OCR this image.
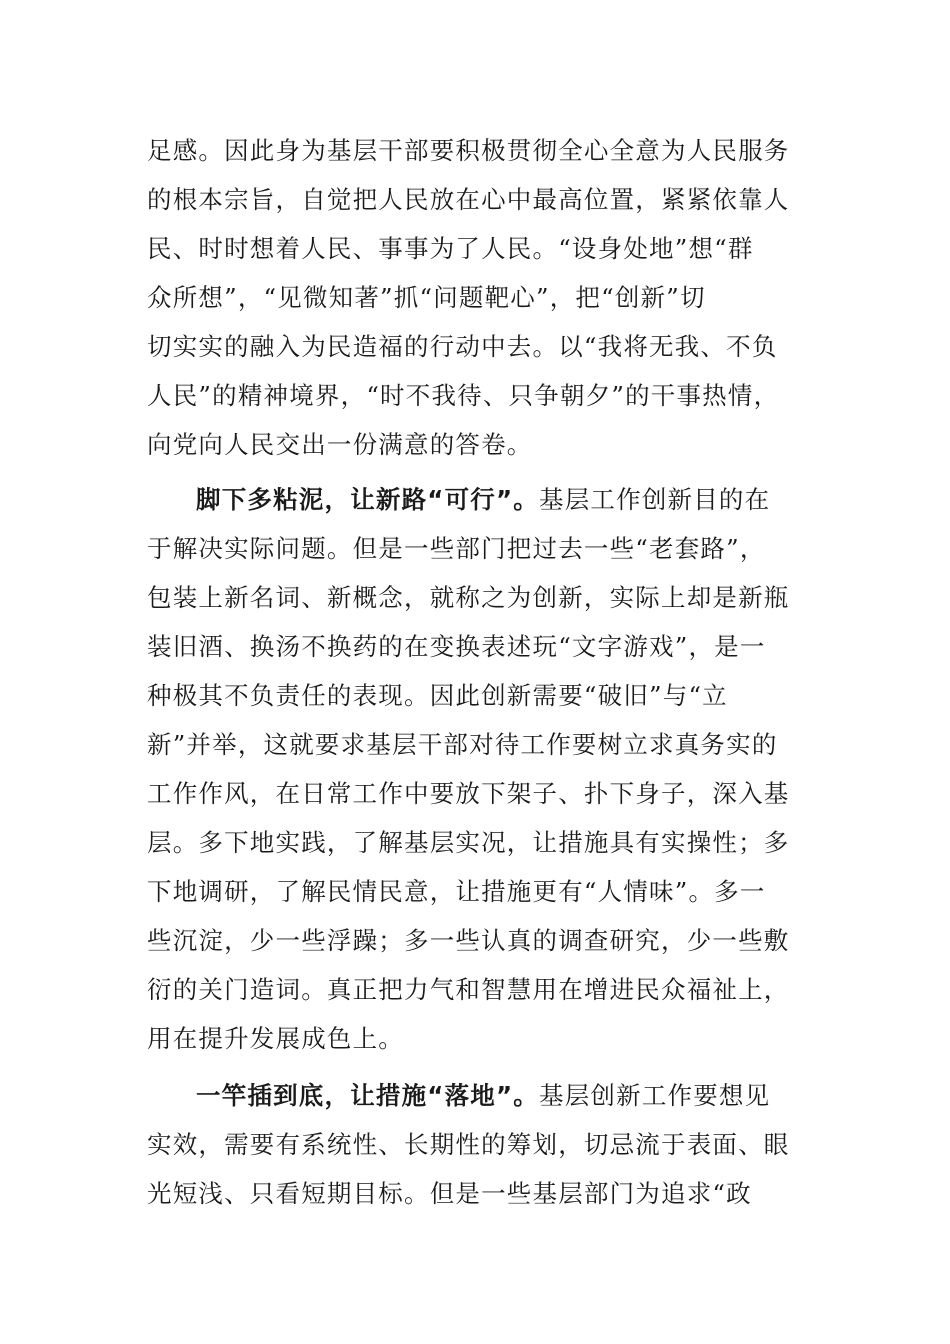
足感。因此身为基层干部要积极贯彻全心全意为人民服务
的根本宗旨，自觉把人民放在心中最高位置，紧紧依靠人
民、时时想着人民、事事为了人民。“设身处地”想“群
众所想”，“见微知著”抓“问题靶心”，把“创新”切
切实实的融入为民造福的行动中去。以“我将无我、不负
人民”的精神境界，“时不我待、只争朝夕”的干事热情，
向党向人民交出一份满意的答卷。
脚下多粘泥，让新路“可行”。基层工作创新目的在
于解决实际问题。但是一些部门把过去一些“老套路”，
包装上新名词、新概念，就称之为创新，实际上却是新瓶
装旧酒、换汤不换药的在变换表述玩“文字游戏”，是一
种极其不负责任的表现。因此创新需要“破旧”与“立
新”并举，这就要求基层干部对待工作要树立求真务实的
工作作风，在日常工作中要放下架子、扑下身子，深入基
层。多下地实践，了解基层实况，让措施具有实操性；多
下地调研，了解民情民意，让措施更有“人情味”。多一
些沉淀，少一些浮躁；多一些认真的调查研究，少一些敷
衍的关门造词。真正把力气和智慧用在增进民众福祉上，
用在提升发展成色上。
一竿插到底，让措施“落地”。基层创新工作要想见
实效，需要有系统性、长期性的筹划，切忌流于表面、眼
光短浅、只看短期目标。但是一些基层部门为追求“政
